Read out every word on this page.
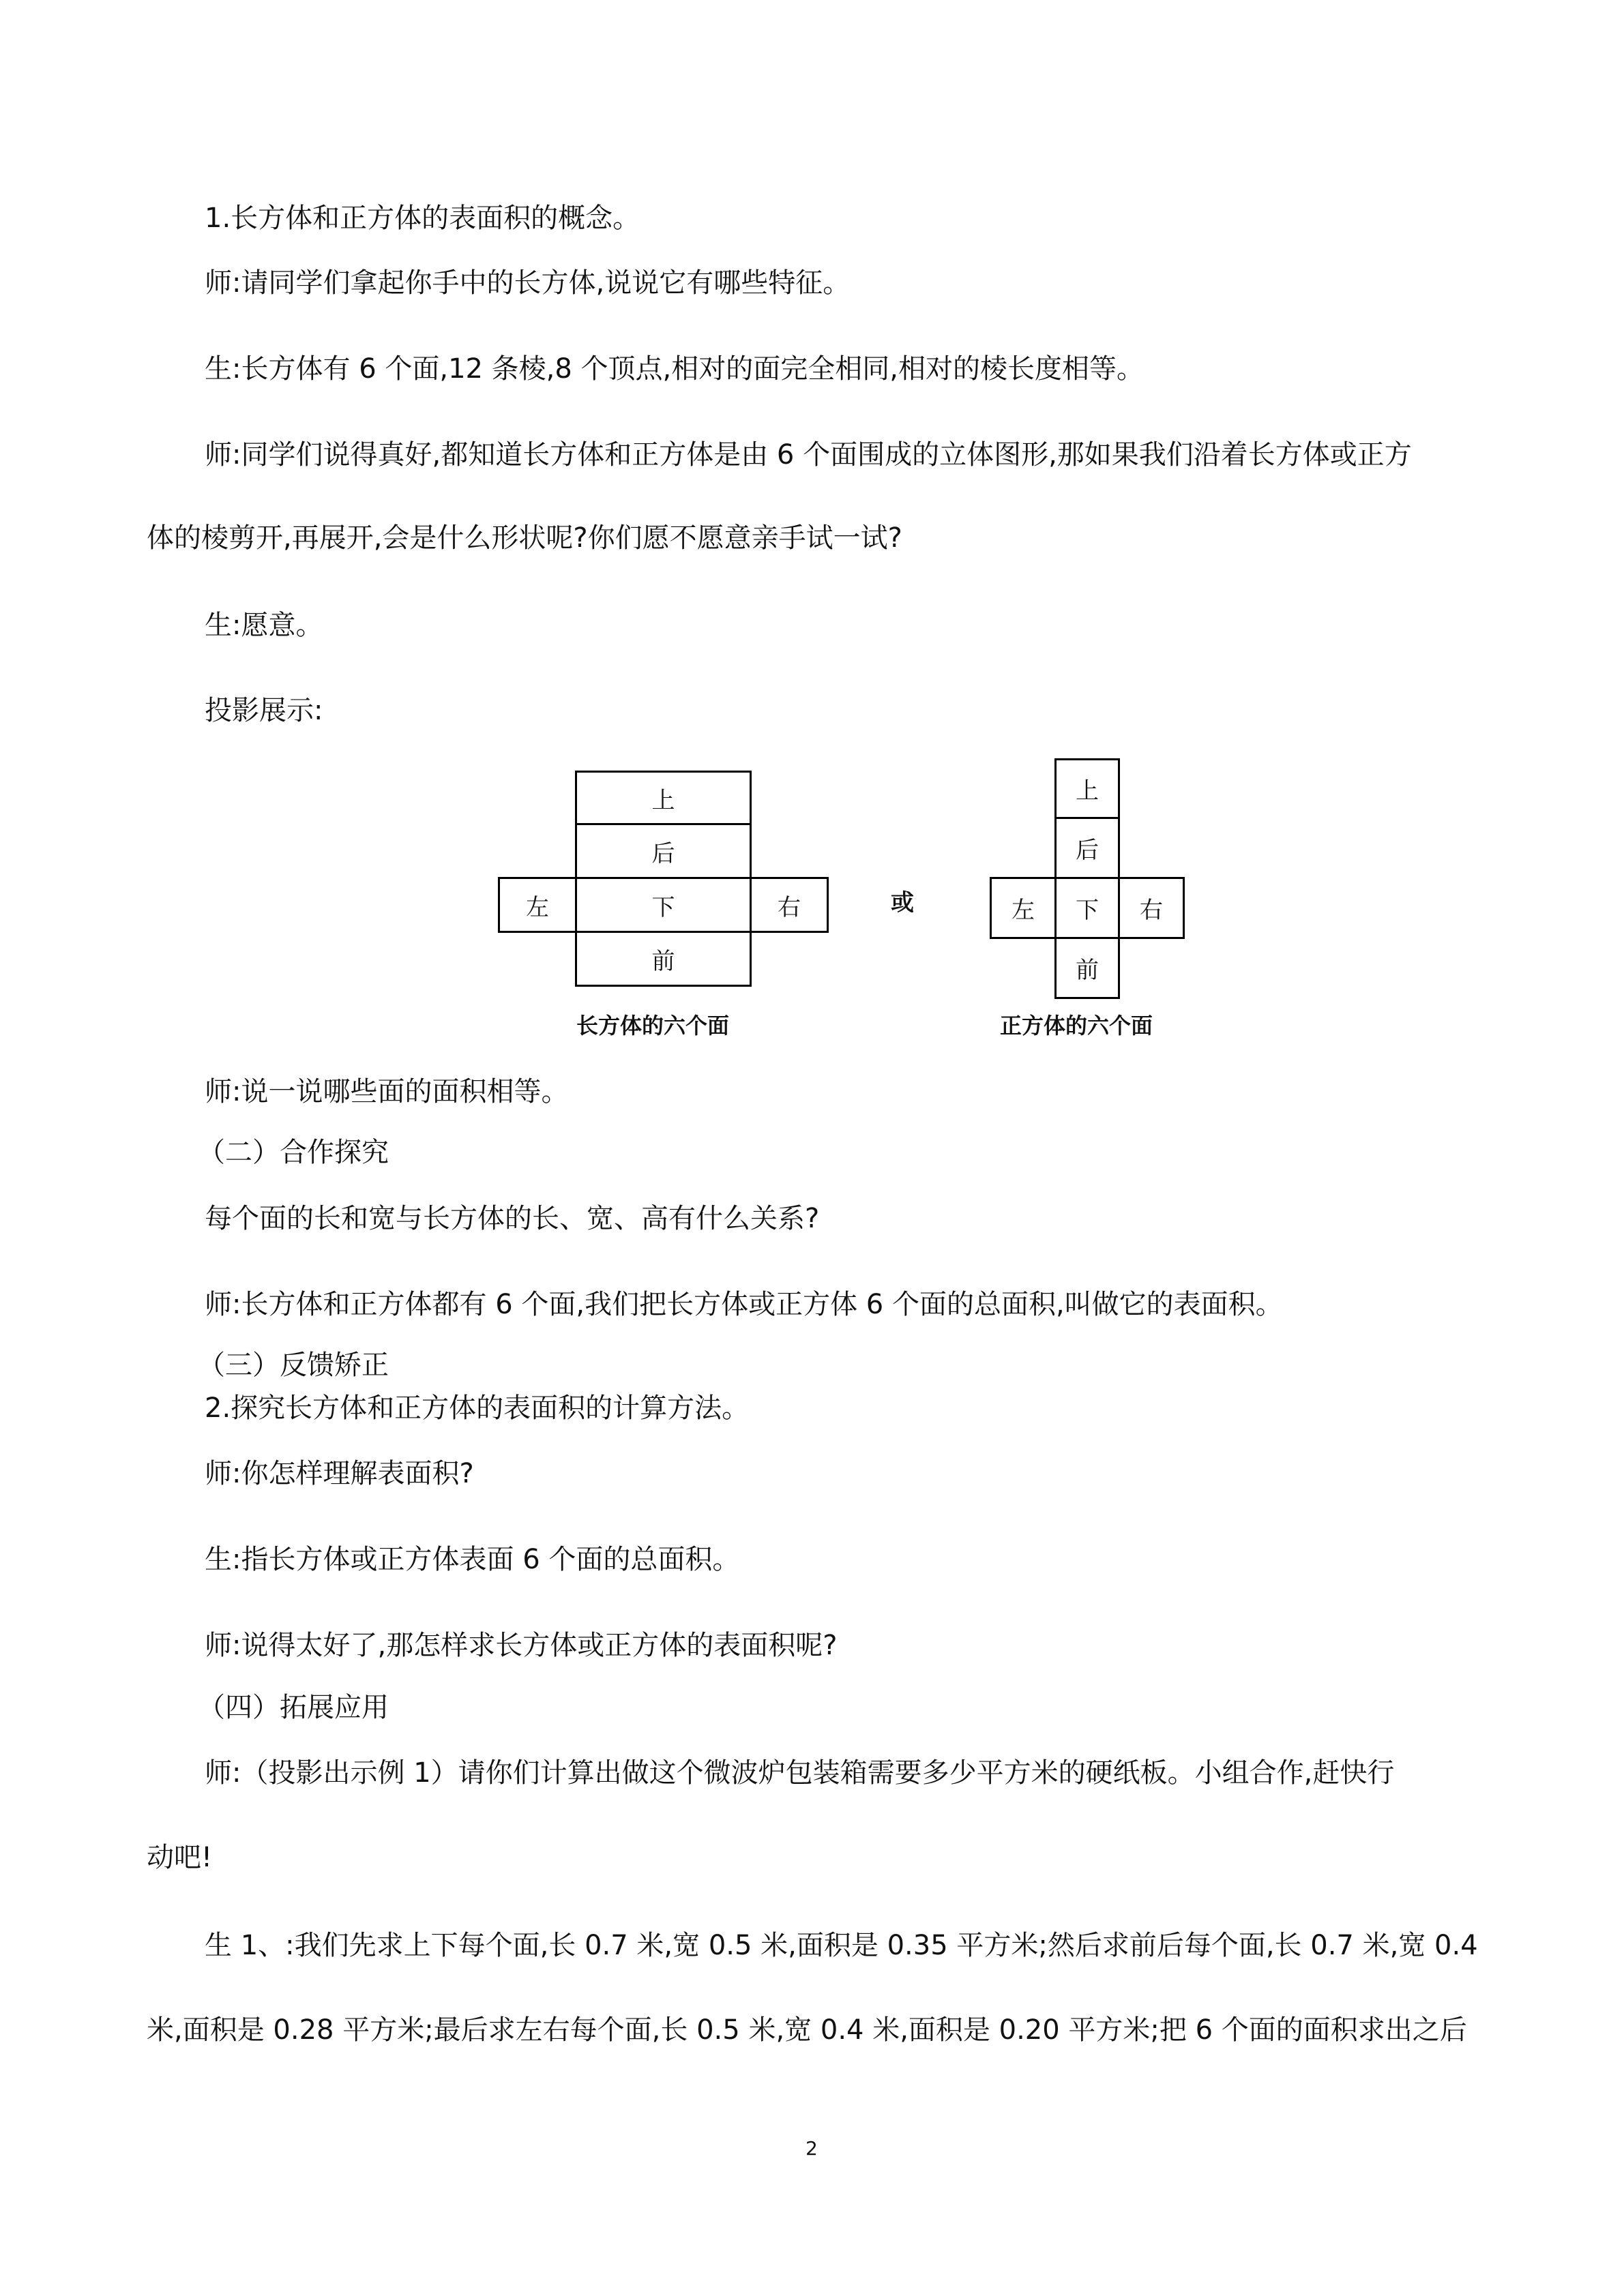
1.长方体和正方体的表面积的概念。

师:请同学们拿起你手中的长方体,说说它有哪些特征。

生:长方体有 6 个面,12 条棱,8 个顶点,相对的面完全相同,相对的棱长度相等。

师:同学们说得真好,都知道长方体和正方体是由 6 个面围成的立体图形,那如果我们沿着长方体或正方

体的棱剪开,再展开,会是什么形状呢?你们愿不愿意亲手试一试?

生:愿意。

投影展示:

上
后
左	下	右
前
长方体的六个面
或
上
后
左	下	右
前
正方体的六个面

师:说一说哪些面的面积相等。

（二）合作探究

每个面的长和宽与长方体的长、宽、高有什么关系?

师:长方体和正方体都有 6 个面,我们把长方体或正方体 6 个面的总面积,叫做它的表面积。

（三）反馈矫正

2.探究长方体和正方体的表面积的计算方法。

师:你怎样理解表面积?

生:指长方体或正方体表面 6 个面的总面积。

师:说得太好了,那怎样求长方体或正方体的表面积呢?

（四）拓展应用

师:（投影出示例 1）请你们计算出做这个微波炉包装箱需要多少平方米的硬纸板。小组合作,赶快行

动吧!

生 1、:我们先求上下每个面,长 0.7 米,宽 0.5 米,面积是 0.35 平方米;然后求前后每个面,长 0.7 米,宽 0.4

米,面积是 0.28 平方米;最后求左右每个面,长 0.5 米,宽 0.4 米,面积是 0.20 平方米;把 6 个面的面积求出之后

2
